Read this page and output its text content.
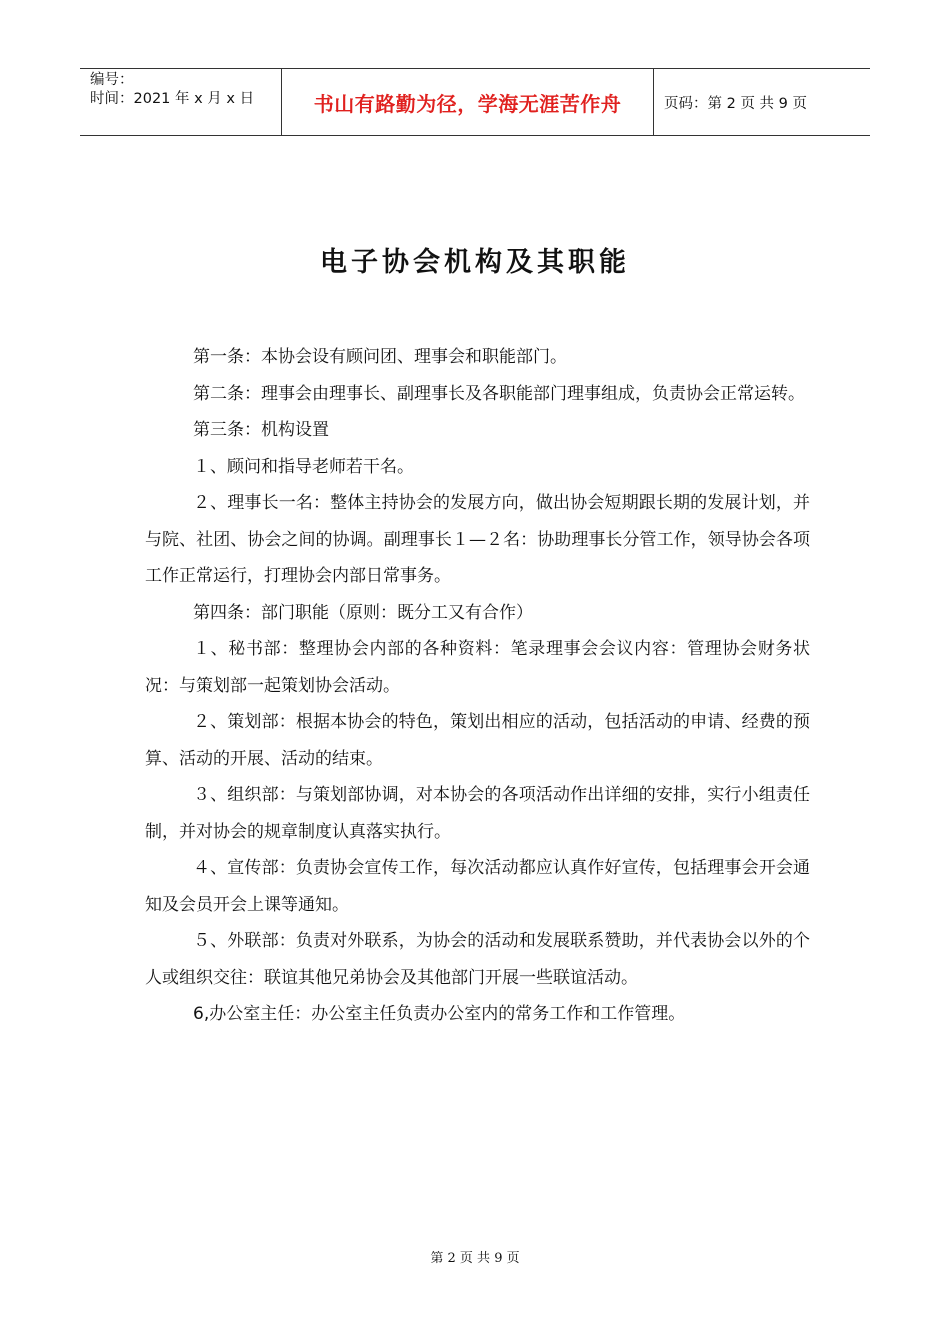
编号：
时间：2021 年 x 月 x 日	书山有路勤为径，学海无涯苦作舟	页码：第 2 页 共 9 页
电子协会机构及其职能

第一条：本协会设有顾问团、理事会和职能部门。

第二条：理事会由理事长、副理事长及各职能部门理事组成，负责协会正常运转。

第三条：机构设置

１、顾问和指导老师若干名。

２、理事长一名：整体主持协会的发展方向，做出协会短期跟长期的发展计划，并与院、社团、协会之间的协调。副理事长１—２名：协助理事长分管工作，领导协会各项工作正常运行，打理协会内部日常事务。

第四条：部门职能（原则：既分工又有合作）

１、秘书部：整理协会内部的各种资料：笔录理事会会议内容：管理协会财务状况：与策划部一起策划协会活动。

２、策划部：根据本协会的特色，策划出相应的活动，包括活动的申请、经费的预算、活动的开展、活动的结束。

３、组织部：与策划部协调，对本协会的各项活动作出详细的安排，实行小组责任制，并对协会的规章制度认真落实执行。

４、宣传部：负责协会宣传工作，每次活动都应认真作好宣传，包括理事会开会通知及会员开会上课等通知。

５、外联部：负责对外联系，为协会的活动和发展联系赞助，并代表协会以外的个人或组织交往：联谊其他兄弟协会及其他部门开展一些联谊活动。

6,办公室主任：办公室主任负责办公室内的常务工作和工作管理。

第 2 页 共 9 页
